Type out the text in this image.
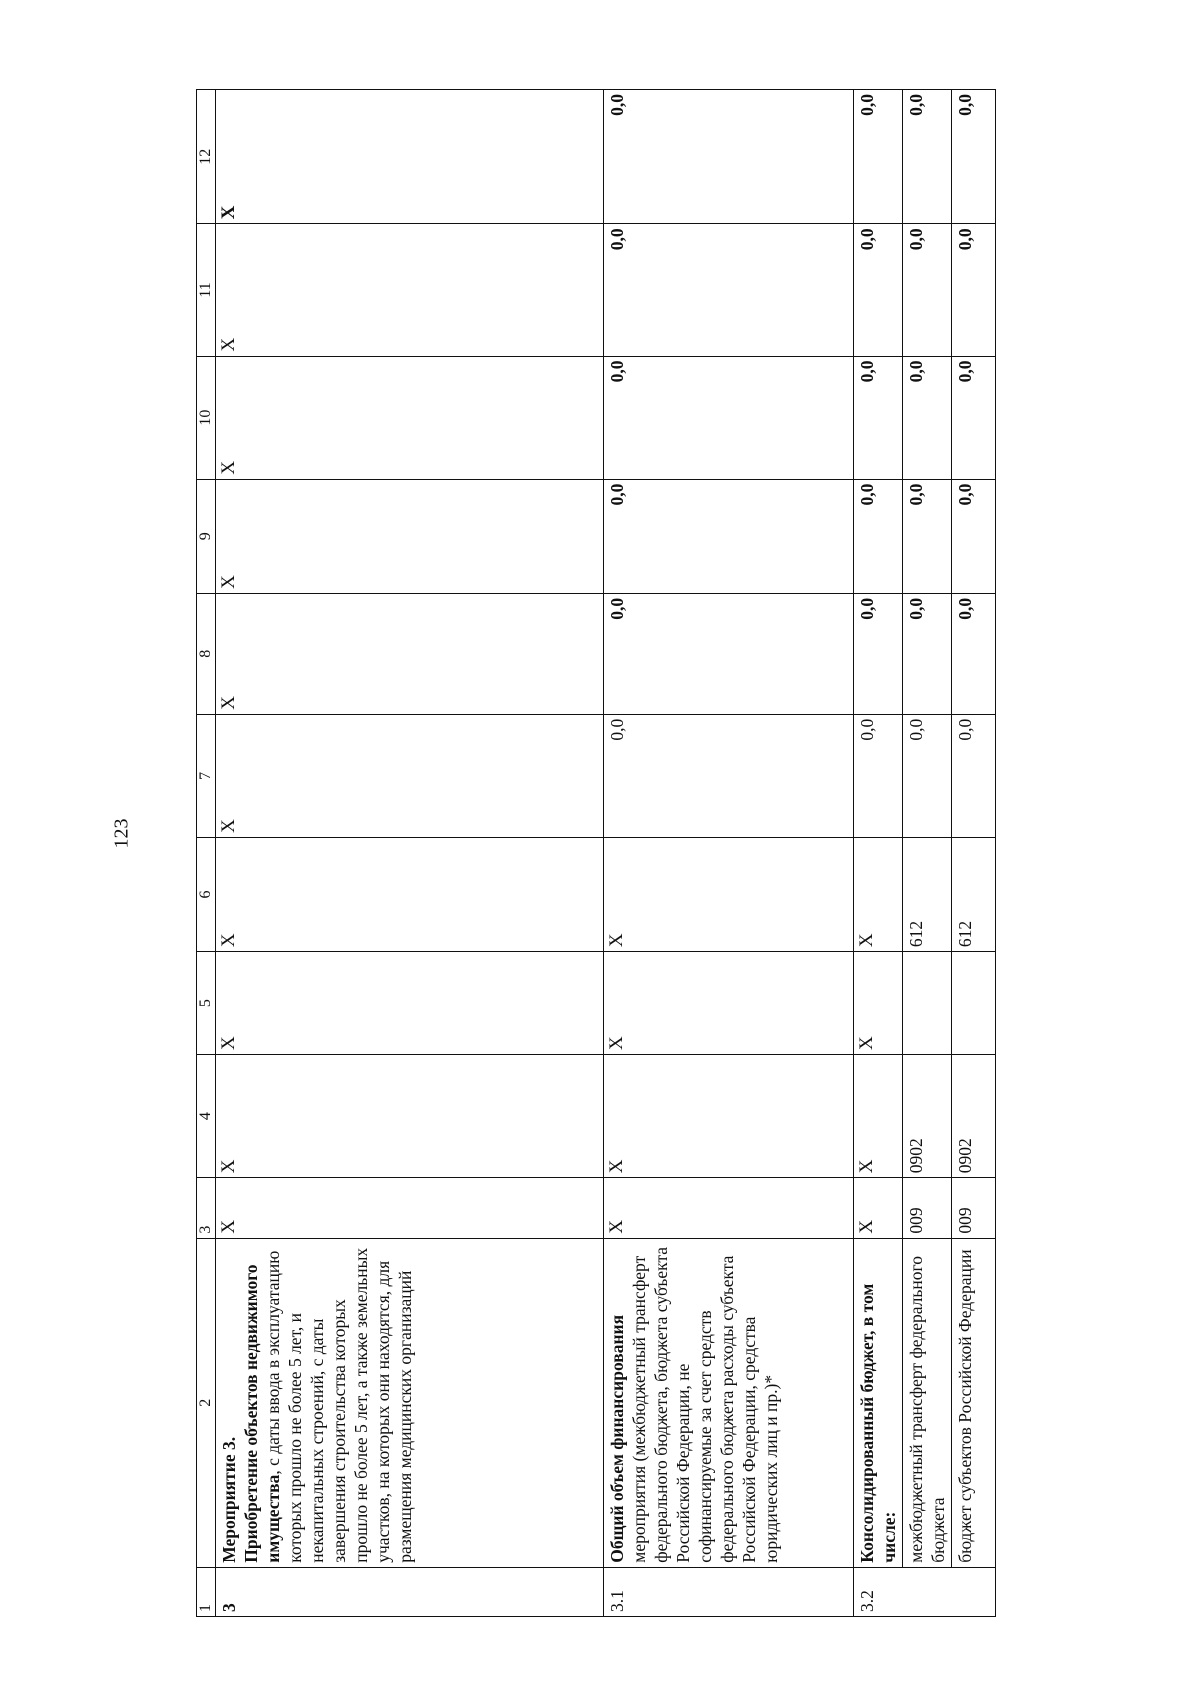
123
1	2	3	4	5	6	7	8	9	10	11	12
3	Мероприятие 3.
Приобретение объектов недвижимого имущества, с даты ввода в эксплуатацию которых прошло не более 5 лет, и некапитальных строений, с даты завершения строительства которых прошло не более 5 лет, а также земельных участков, на которых они находятся, для размещения медицинских организаций	X	X	X	X	X	X	X	X	X	X
3.1	Общий объем финансирования мероприятия (межбюджетный трансферт федерального бюджета, бюджета субъекта Российской Федерации, не софинансируемые за счет средств федерального бюджета расходы субъекта Российской Федерации, средства юридических лиц и пр.)*	X	X	X	X	0,0	0,0	0,0	0,0	0,0	0,0
3.2	Консолидированный бюджет, в том числе:	X	X	X	X	0,0	0,0	0,0	0,0	0,0	0,0
	межбюджетный трансферт федерального бюджета	009	0902		612	0,0	0,0	0,0	0,0	0,0	0,0
	бюджет субъектов Российской Федерации	009	0902		612	0,0	0,0	0,0	0,0	0,0	0,0
